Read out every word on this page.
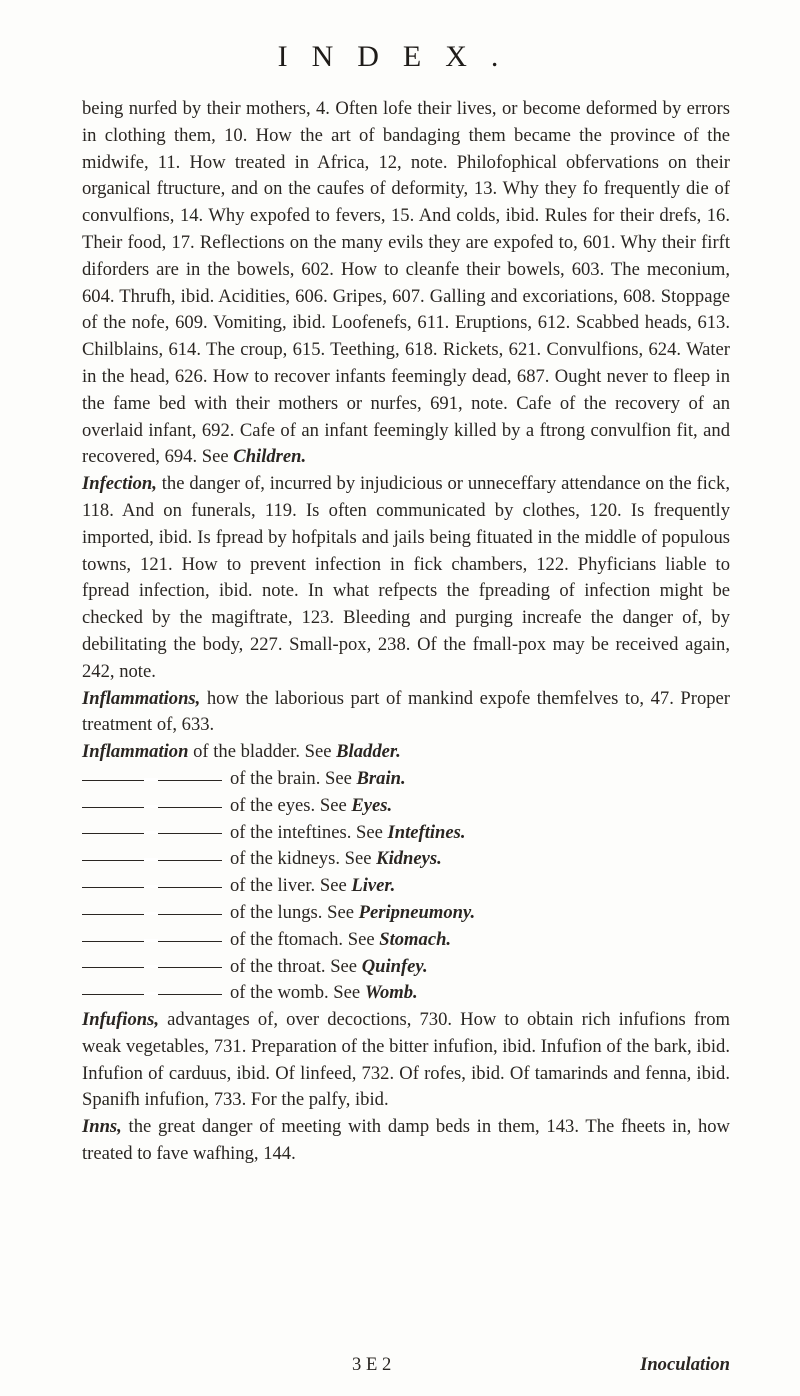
INDEX.

being nurfed by their mothers, 4. Often lofe their lives, or become deformed by errors in clothing them, 10. How the art of bandaging them became the province of the midwife, 11. How treated in Africa, 12, note. Philofophical obfervations on their organical ftructure, and on the caufes of deformity, 13. Why they fo frequently die of convulfions, 14. Why expofed to fevers, 15. And colds, ibid. Rules for their drefs, 16. Their food, 17. Reflections on the many evils they are expofed to, 601. Why their firft diforders are in the bowels, 602. How to cleanfe their bowels, 603. The meconium, 604. Thrufh, ibid. Acidities, 606. Gripes, 607. Galling and excoriations, 608. Stoppage of the nofe, 609. Vomiting, ibid. Loofenefs, 611. Eruptions, 612. Scabbed heads, 613. Chilblains, 614. The croup, 615. Teething, 618. Rickets, 621. Convulfions, 624. Water in the head, 626. How to recover infants feemingly dead, 687. Ought never to fleep in the fame bed with their mothers or nurfes, 691, note. Cafe of the recovery of an overlaid infant, 692. Cafe of an infant feemingly killed by a ftrong convulfion fit, and recovered, 694. See Children.

Infection, the danger of, incurred by injudicious or unneceffary attendance on the fick, 118. And on funerals, 119. Is often communicated by clothes, 120. Is frequently imported, ibid. Is fpread by hofpitals and jails being fituated in the middle of populous towns, 121. How to prevent infection in fick chambers, 122. Phyficians liable to fpread infection, ibid. note. In what refpects the fpreading of infection might be checked by the magiftrate, 123. Bleeding and purging increafe the danger of, by debilitating the body, 227. Small-pox, 238. Of the fmall-pox may be received again, 242, note.

Inflammations, how the laborious part of mankind expofe themfelves to, 47. Proper treatment of, 633.

Inflammation of the bladder. See Bladder.

of the brain. See Brain.

of the eyes. See Eyes.

of the inteftines. See Inteftines.

of the kidneys. See Kidneys.

of the liver. See Liver.

of the lungs. See Peripneumony.

of the ftomach. See Stomach.

of the throat. See Quinfey.

of the womb. See Womb.

Infufions, advantages of, over decoctions, 730. How to obtain rich infufions from weak vegetables, 731. Preparation of the bitter infufion, ibid. Infufion of the bark, ibid. Infufion of carduus, ibid. Of linfeed, 732. Of rofes, ibid. Of tamarinds and fenna, ibid. Spanifh infufion, 733. For the palfy, ibid.

Inns, the great danger of meeting with damp beds in them, 143. The fheets in, how treated to fave wafhing, 144.

3 E 2	Inoculation
